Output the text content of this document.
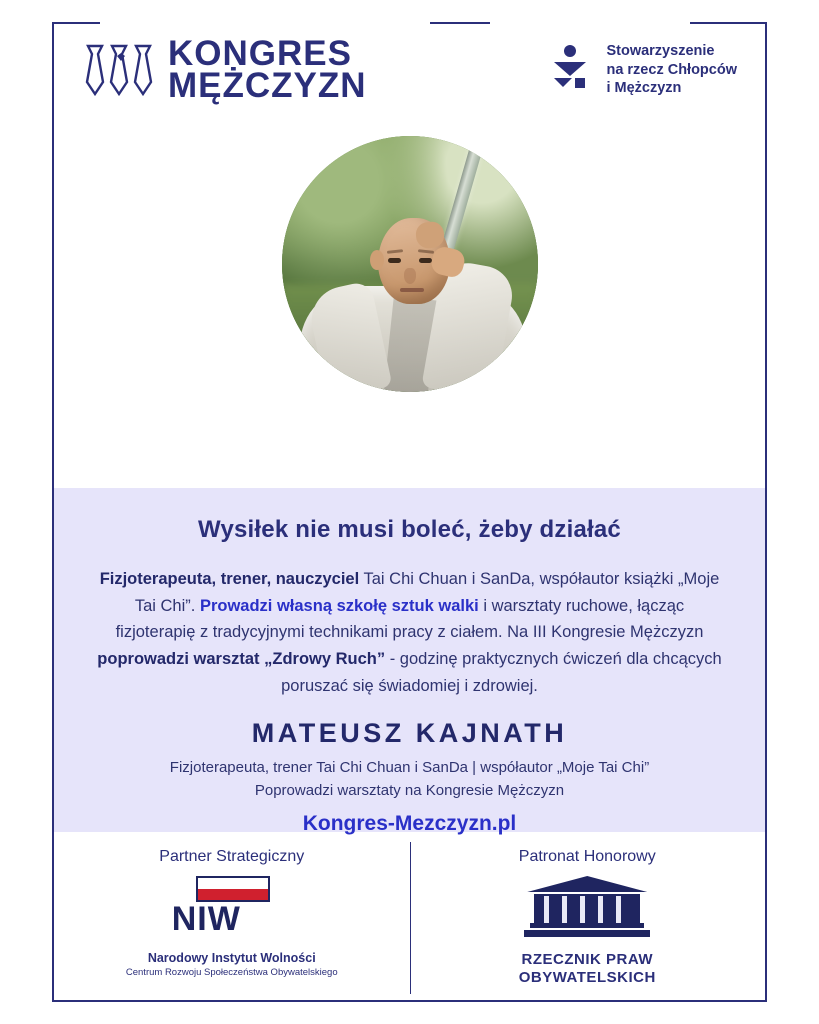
KONGRES
MĘŻCZYZN
Stowarzyszenie
na rzecz Chłopców
i Mężczyzn
Wysiłek nie musi boleć, żeby działać
Fizjoterapeuta, trener, nauczyciel Tai Chi Chuan i SanDa, współautor książki „Moje Tai Chi”. Prowadzi własną szkołę sztuk walki i warsztaty ruchowe, łącząc fizjoterapię z tradycyjnymi technikami pracy z ciałem. Na III Kongresie Mężczyzn poprowadzi warsztat „Zdrowy Ruch” - godzinę praktycznych ćwiczeń dla chcących poruszać się świadomiej i zdrowiej.
MATEUSZ KAJNATH
Fizjoterapeuta, trener Tai Chi Chuan i SanDa | współautor „Moje Tai Chi”
Poprowadzi warsztaty na Kongresie Mężczyzn
Kongres-Mezczyzn.pl
Partner Strategiczny
NIW
Narodowy Instytut Wolności
Centrum Rozwoju Społeczeństwa Obywatelskiego
Patronat Honorowy
RZECZNIK PRAW
OBYWATELSKICH
